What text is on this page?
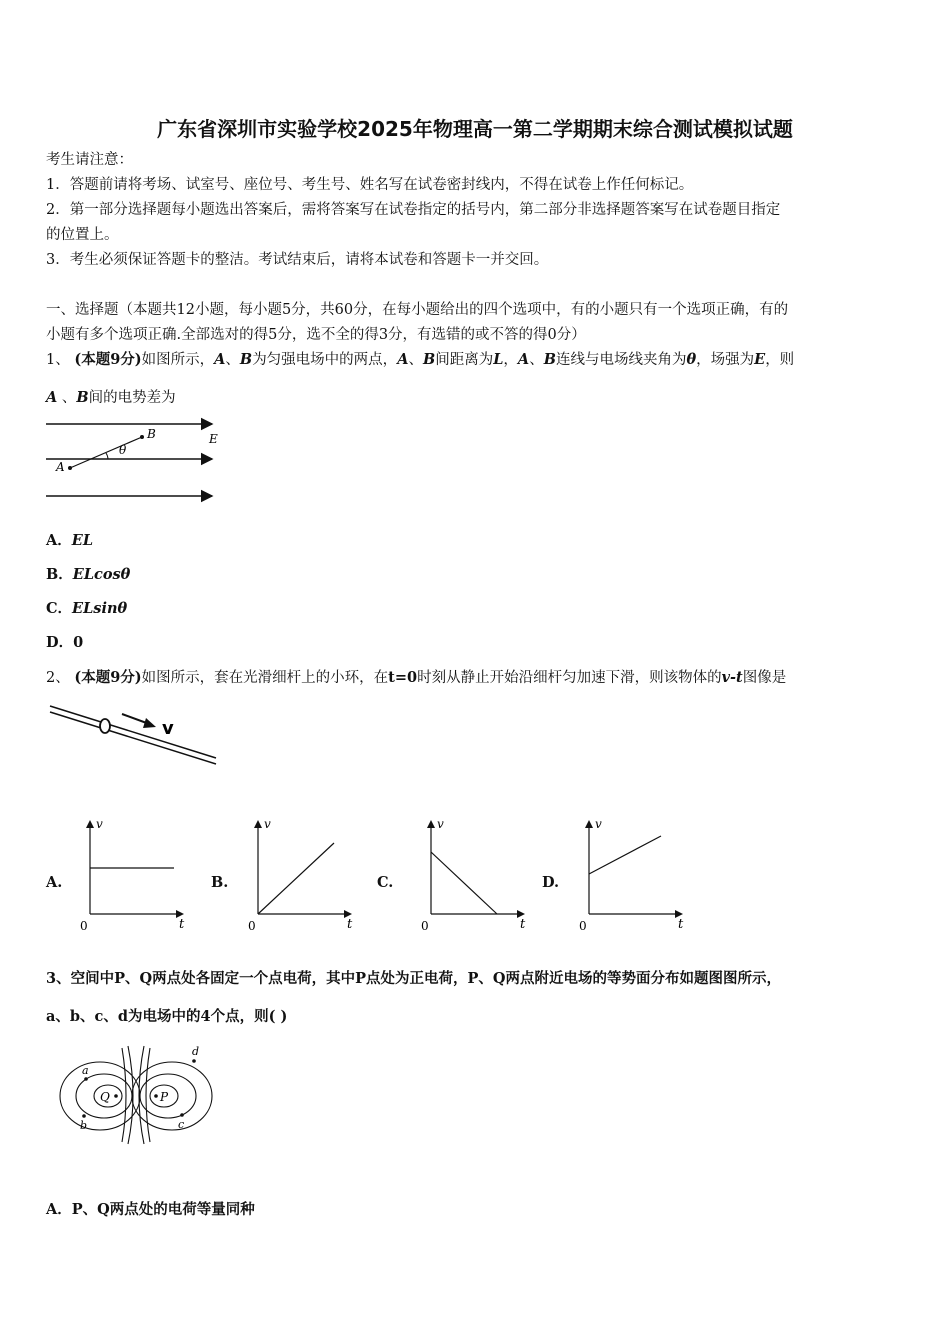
广东省深圳市实验学校2025年物理高一第二学期期末综合测试模拟试题
考生请注意：
1．答题前请将考场、试室号、座位号、考生号、姓名写在试卷密封线内，不得在试卷上作任何标记。
2．第一部分选择题每小题选出答案后，需将答案写在试卷指定的括号内，第二部分非选择题答案写在试卷题目指定
的位置上。
3．考生必须保证答题卡的整洁。考试结束后，请将本试卷和答题卡一并交回。
一、选择题（本题共12小题，每小题5分，共60分，在每小题给出的四个选项中，有的小题只有一个选项正确，有的
小题有多个选项正确.全部选对的得5分，选不全的得3分，有选错的或不答的得0分）
1、 (本题9分)如图所示，A、B为匀强电场中的两点，A、B间距离为L，A、B连线与电场线夹角为θ，场强为E，则
A 、B间的电势差为
A
B	E
θ
A．EL
B．ELcosθ
C．ELsinθ
D．0
2、 (本题9分)如图所示，套在光滑细杆上的小环，在t=0时刻从静止开始沿细杆匀加速下滑，则该物体的v-t图像是
v
A.
v
t
0
B.
v
t
0
C.
v
t
0
D.
v
t
0
3、空间中P、Q两点处各固定一个点电荷，其中P点处为正电荷，P、Q两点附近电场的等势面分布如题图图所示，
a、b、c、d为电场中的4个点，则( )
a
b	c
d
Q	P
A．P、Q两点处的电荷等量同种
